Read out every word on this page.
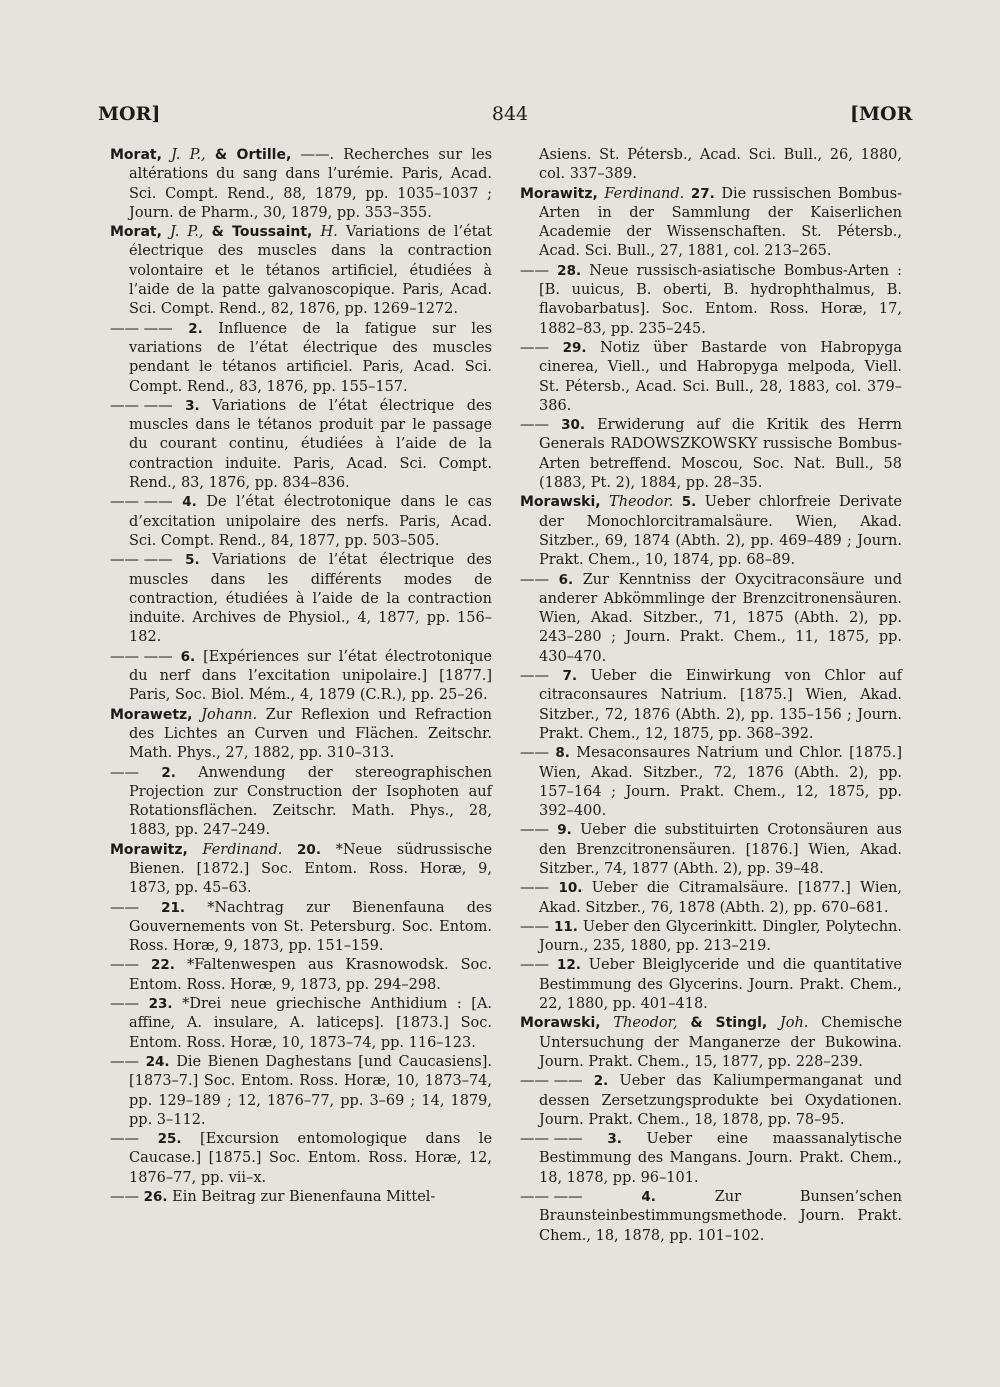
MOR]	844	[MOR

Morat, J. P., & Ortille, ——. Recherches sur les altérations du sang dans l’urémie. Paris, Acad. Sci. Compt. Rend., 88, 1879, pp. 1035–1037 ; Journ. de Pharm., 30, 1879, pp. 353–355.

Morat, J. P., & Toussaint, H. Variations de l’état électrique des muscles dans la contraction volontaire et le tétanos artificiel, étudiées à l’aide de la patte galvanoscopique. Paris, Acad. Sci. Compt. Rend., 82, 1876, pp. 1269–1272.

—— —— 2. Influence de la fatigue sur les variations de l’état électrique des muscles pendant le tétanos artificiel. Paris, Acad. Sci. Compt. Rend., 83, 1876, pp. 155–157.

—— —— 3. Variations de l’état électrique des muscles dans le tétanos produit par le passage du courant continu, étudiées à l’aide de la contraction induite. Paris, Acad. Sci. Compt. Rend., 83, 1876, pp. 834–836.

—— —— 4. De l’état électrotonique dans le cas d’excitation unipolaire des nerfs. Paris, Acad. Sci. Compt. Rend., 84, 1877, pp. 503–505.

—— —— 5. Variations de l’état électrique des muscles dans les différents modes de contraction, étudiées à l’aide de la contraction induite. Archives de Physiol., 4, 1877, pp. 156–182.

—— —— 6. [Expériences sur l’état électrotonique du nerf dans l’excitation unipolaire.] [1877.] Paris, Soc. Biol. Mém., 4, 1879 (C.R.), pp. 25–26.

Morawetz, Johann. Zur Reflexion und Refraction des Lichtes an Curven und Flächen. Zeitschr. Math. Phys., 27, 1882, pp. 310–313.

—— 2. Anwendung der stereographischen Projection zur Construction der Isophoten auf Rotationsflächen. Zeitschr. Math. Phys., 28, 1883, pp. 247–249.

Morawitz, Ferdinand. 20. *Neue südrussische Bienen. [1872.] Soc. Entom. Ross. Horæ, 9, 1873, pp. 45–63.

—— 21. *Nachtrag zur Bienenfauna des Gouvernements von St. Petersburg. Soc. Entom. Ross. Horæ, 9, 1873, pp. 151–159.

—— 22. *Faltenwespen aus Krasnowodsk. Soc. Entom. Ross. Horæ, 9, 1873, pp. 294–298.

—— 23. *Drei neue griechische Anthidium : [A. affine, A. insulare, A. laticeps]. [1873.] Soc. Entom. Ross. Horæ, 10, 1873–74, pp. 116–123.

—— 24. Die Bienen Daghestans [und Caucasiens]. [1873–7.] Soc. Entom. Ross. Horæ, 10, 1873–74, pp. 129–189 ; 12, 1876–77, pp. 3–69 ; 14, 1879, pp. 3–112.

—— 25. [Excursion entomologique dans le Caucase.] [1875.] Soc. Entom. Ross. Horæ, 12, 1876–77, pp. vii–x.

—— 26. Ein Beitrag zur Bienenfauna Mittel-

Asiens. St. Pétersb., Acad. Sci. Bull., 26, 1880, col. 337–389.

Morawitz, Ferdinand. 27. Die russischen Bombus-Arten in der Sammlung der Kaiserlichen Academie der Wissenschaften. St. Pétersb., Acad. Sci. Bull., 27, 1881, col. 213–265.

—— 28. Neue russisch-asiatische Bombus-Arten : [B. uuicus, B. oberti, B. hydrophthalmus, B. flavobarbatus]. Soc. Entom. Ross. Horæ, 17, 1882–83, pp. 235–245.

—— 29. Notiz über Bastarde von Habropyga cinerea, Viell., und Habropyga melpoda, Viell. St. Pétersb., Acad. Sci. Bull., 28, 1883, col. 379–386.

—— 30. Erwiderung auf die Kritik des Herrn Generals RADOWSZKOWSKY russische Bombus-Arten betreffend. Moscou, Soc. Nat. Bull., 58 (1883, Pt. 2), 1884, pp. 28–35.

Morawski, Theodor. 5. Ueber chlorfreie Derivate der Monochlorcitramalsäure. Wien, Akad. Sitzber., 69, 1874 (Abth. 2), pp. 469–489 ; Journ. Prakt. Chem., 10, 1874, pp. 68–89.

—— 6. Zur Kenntniss der Oxycitraconsäure und anderer Abkömmlinge der Brenzcitronensäuren. Wien, Akad. Sitzber., 71, 1875 (Abth. 2), pp. 243–280 ; Journ. Prakt. Chem., 11, 1875, pp. 430–470.

—— 7. Ueber die Einwirkung von Chlor auf citraconsaures Natrium. [1875.] Wien, Akad. Sitzber., 72, 1876 (Abth. 2), pp. 135–156 ; Journ. Prakt. Chem., 12, 1875, pp. 368–392.

—— 8. Mesaconsaures Natrium und Chlor. [1875.] Wien, Akad. Sitzber., 72, 1876 (Abth. 2), pp. 157–164 ; Journ. Prakt. Chem., 12, 1875, pp. 392–400.

—— 9. Ueber die substituirten Crotonsäuren aus den Brenzcitronensäuren. [1876.] Wien, Akad. Sitzber., 74, 1877 (Abth. 2), pp. 39–48.

—— 10. Ueber die Citramalsäure. [1877.] Wien, Akad. Sitzber., 76, 1878 (Abth. 2), pp. 670–681.

—— 11. Ueber den Glycerinkitt. Dingler, Polytechn. Journ., 235, 1880, pp. 213–219.

—— 12. Ueber Bleiglyceride und die quantitative Bestimmung des Glycerins. Journ. Prakt. Chem., 22, 1880, pp. 401–418.

Morawski, Theodor, & Stingl, Joh. Chemische Untersuchung der Manganerze der Bukowina. Journ. Prakt. Chem., 15, 1877, pp. 228–239.

—— —— 2. Ueber das Kaliumpermanganat und dessen Zersetzungsprodukte bei Oxydationen. Journ. Prakt. Chem., 18, 1878, pp. 78–95.

—— —— 3. Ueber eine maassanalytische Bestimmung des Mangans. Journ. Prakt. Chem., 18, 1878, pp. 96–101.

—— ——	4.	Zur Bunsen’schen Braunsteinbestimmungsmethode. Journ. Prakt. Chem., 18, 1878, pp. 101–102.
